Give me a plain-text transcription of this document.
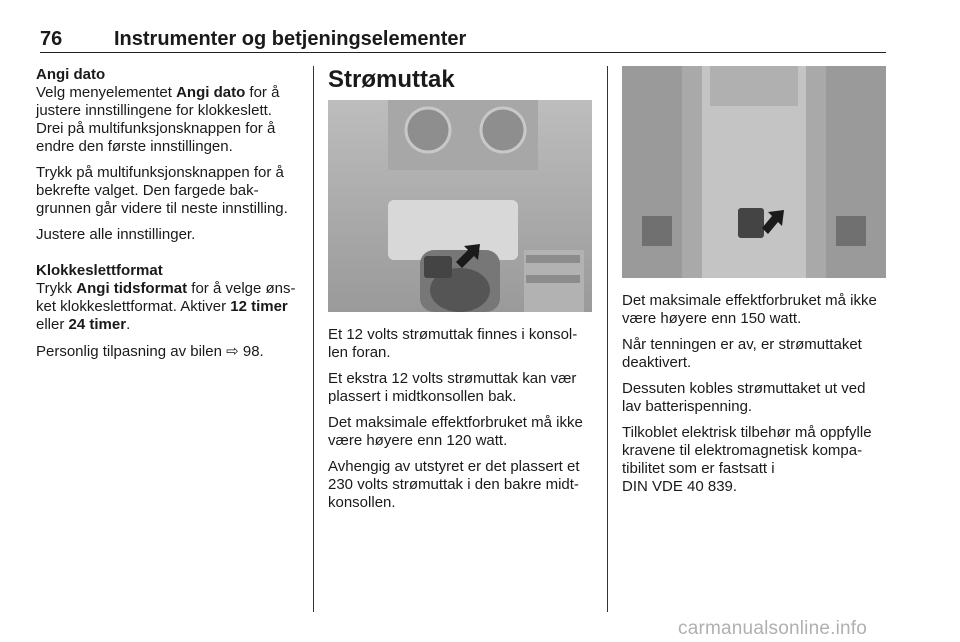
76	Instrumenter og betjeningselementer
Angi dato

Velg menyelementet Angi dato for å justere innstillingene for klokkeslett. Drei på multifunksjonsknappen for å endre den første innstillingen.

Trykk på multifunksjonsknappen for å bekrefte valget. Den fargede bak-grunnen går videre til neste innstilling.

Justere alle innstillinger.

Klokkeslettformat

Trykk Angi tidsformat for å velge øns-ket klokkeslettformat. Aktiver 12 timer eller 24 timer.

Personlig tilpasning av bilen ⇨ 98.

Strømuttak

Et 12 volts strømuttak finnes i konsol-len foran.

Et ekstra 12 volts strømuttak kan vær plassert i midtkonsollen bak.

Det maksimale effektforbruket må ikke være høyere enn 120 watt.

Avhengig av utstyret er det plassert et 230 volts strømuttak i den bakre midt-konsollen.

Det maksimale effektforbruket må ikke være høyere enn 150 watt.

Når tenningen er av, er strømuttaket deaktivert.

Dessuten kobles strømuttaket ut ved lav batterispenning.

Tilkoblet elektrisk tilbehør må oppfylle kravene til elektromagnetisk kompa-tibilitet som er fastsatt i

DIN VDE 40 839.

carmanualsonline.info
